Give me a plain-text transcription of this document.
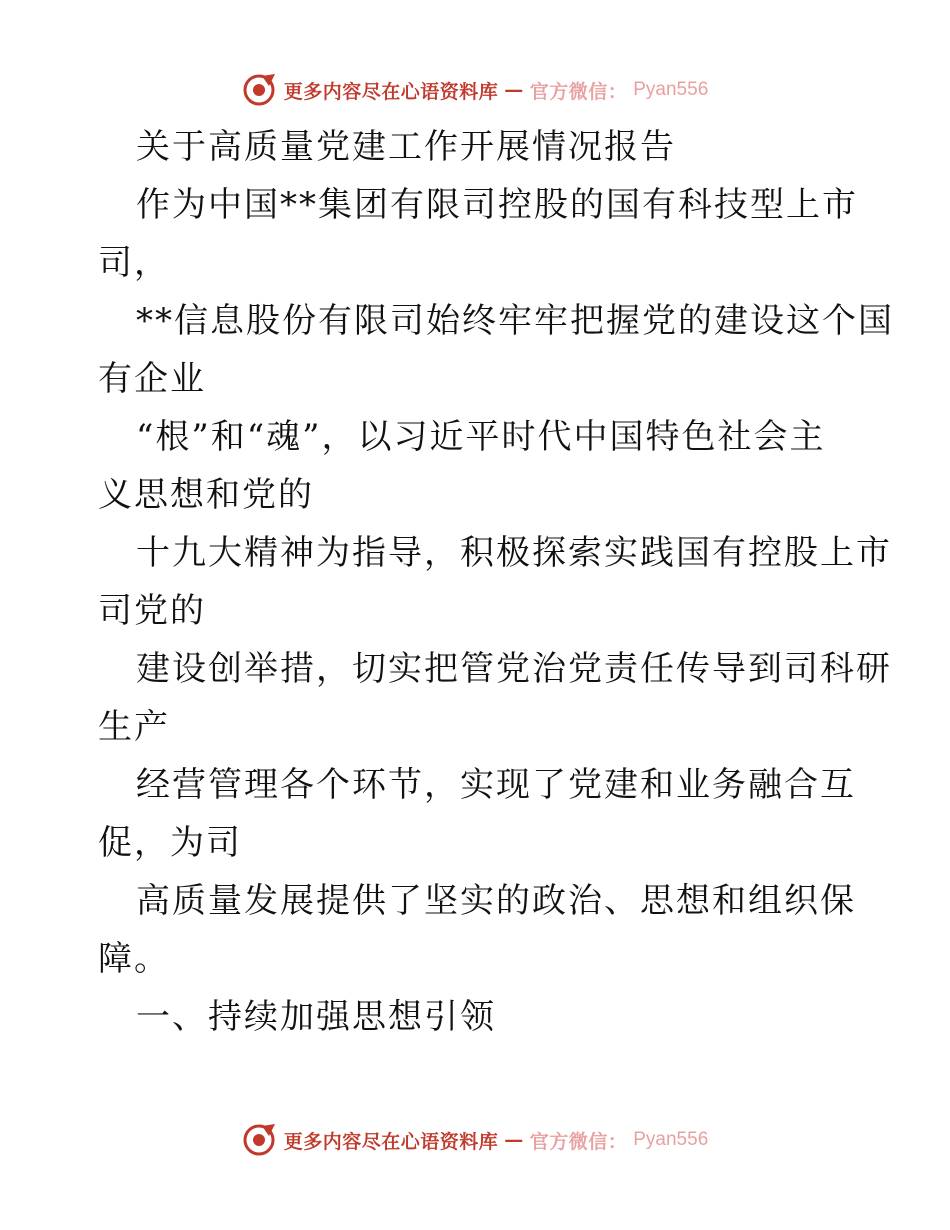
更多内容尽在心语资料库 — 官方微信： Pyan556
关于高质量党建工作开展情况报告
作为中国**集团有限司控股的国有科技型上市
司，
**信息股份有限司始终牢牢把握党的建设这个国
有企业
“根”和“魂”，以习近平时代中国特色社会主
义思想和党的
十九大精神为指导，积极探索实践国有控股上市
司党的
建设创举措，切实把管党治党责任传导到司科研
生产
经营管理各个环节，实现了党建和业务融合互
促，为司
高质量发展提供了坚实的政治、思想和组织保
障。
一、持续加强思想引领
更多内容尽在心语资料库 — 官方微信： Pyan556
